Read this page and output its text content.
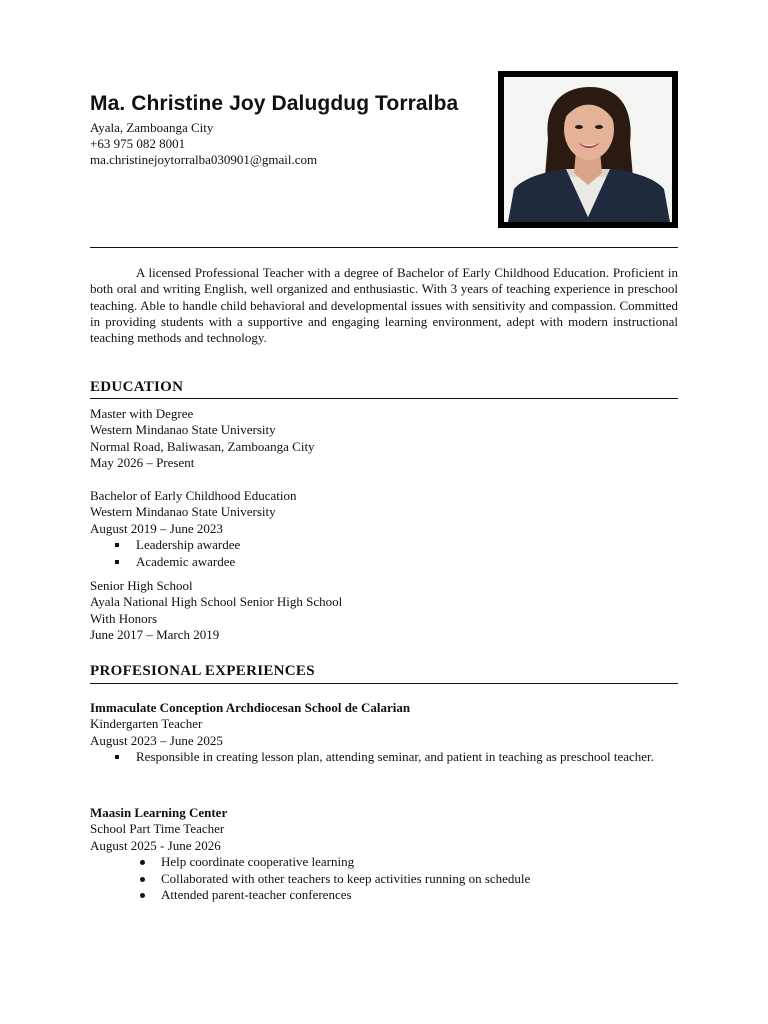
Ma. Christine Joy Dalugdug Torralba
Ayala, Zamboanga City
+63 975 082 8001
ma.christinejoytorralba030901@gmail.com

A licensed Professional Teacher with a degree of Bachelor of Early Childhood Education. Proficient in both oral and writing English, well organized and enthusiastic. With 3 years of teaching experience in preschool teaching. Able to handle child behavioral and developmental issues with sensitivity and compassion. Committed in providing students with a supportive and engaging learning environment, adept with modern instructional teaching methods and technology.

EDUCATION
Master with Degree
Western Mindanao State University
Normal Road, Baliwasan, Zamboanga City
May 2026 – Present
Bachelor of Early Childhood Education
Western Mindanao State University
August 2019 – June 2023
Leadership awardee
Academic awardee
Senior High School
Ayala National High School Senior High School
With Honors
June 2017 – March 2019
PROFESIONAL EXPERIENCES
Immaculate Conception Archdiocesan School de Calarian
Kindergarten Teacher
August 2023 – June 2025
Responsible in creating lesson plan, attending seminar, and patient in teaching as preschool teacher.
Maasin Learning Center
School Part Time Teacher
August 2025 - June 2026
Help coordinate cooperative learning
Collaborated with other teachers to keep activities running on schedule
Attended parent-teacher conferences
